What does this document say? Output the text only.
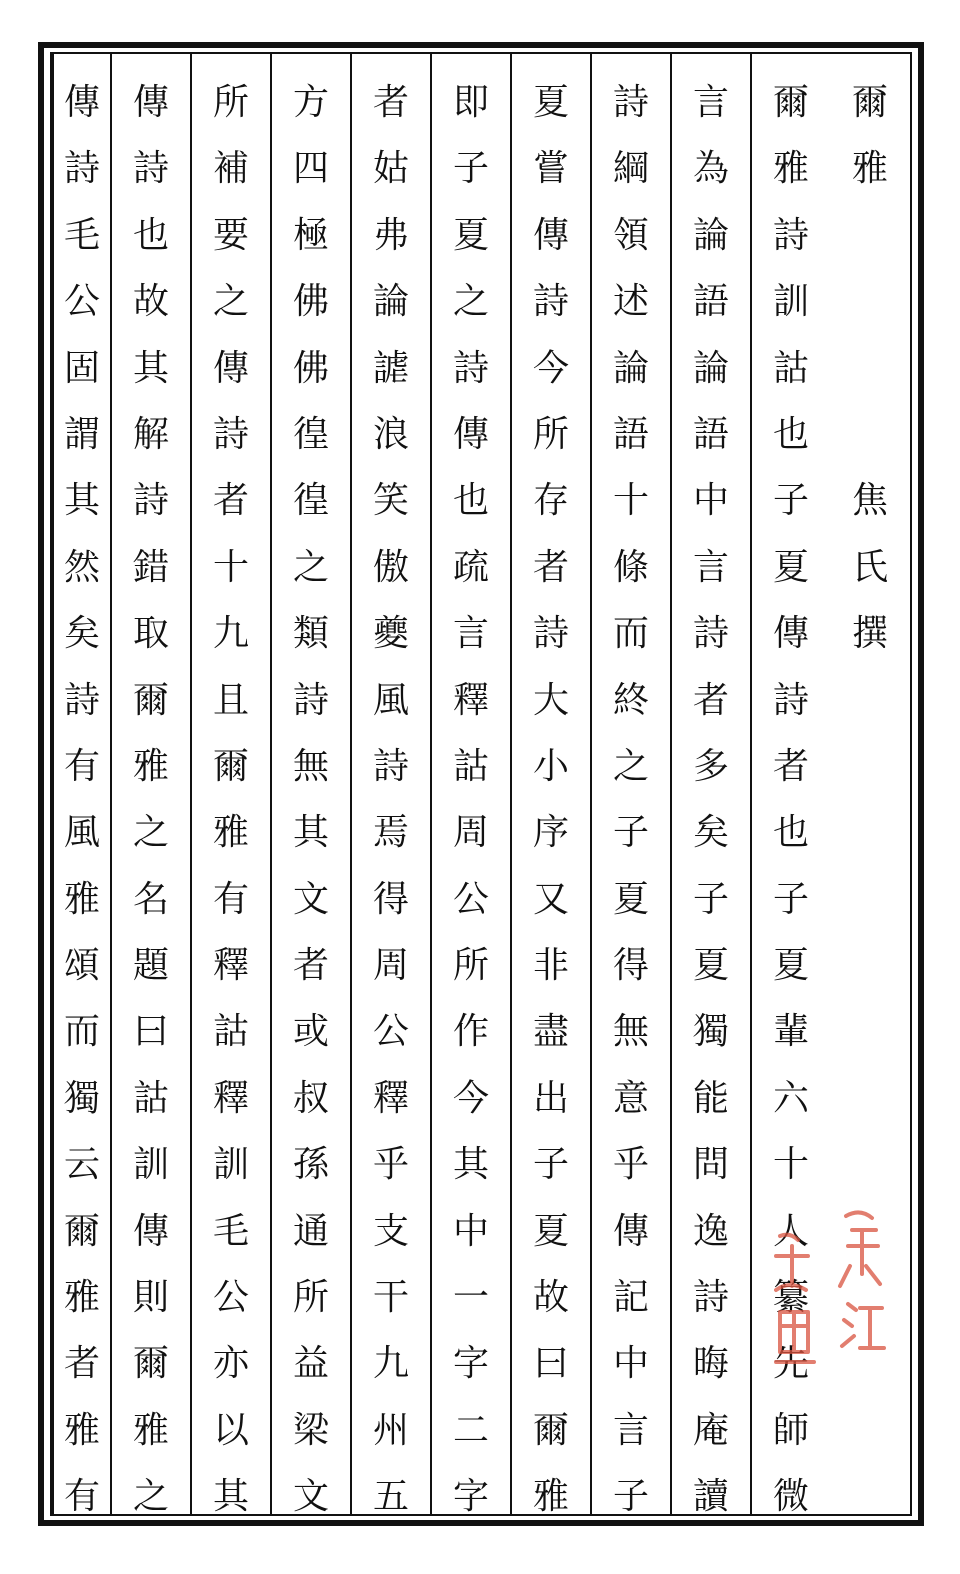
爾
雅
焦
氏
撰
爾
雅
詩
訓
詁
也
子
夏
傳
詩
者
也
子
夏
輩
六
十
人
纂
先
師
微
言
為
論
語
論
語
中
言
詩
者
多
矣
子
夏
獨
能
問
逸
詩
晦
庵
讀
詩
綱
領
述
論
語
十
條
而
終
之
子
夏
得
無
意
乎
傳
記
中
言
子
夏
嘗
傳
詩
今
所
存
者
詩
大
小
序
又
非
盡
出
子
夏
故
曰
爾
雅
即
子
夏
之
詩
傳
也
疏
言
釋
詁
周
公
所
作
今
其
中
一
字
二
字
者
姑
弗
論
謔
浪
笑
傲
夔
風
詩
焉
得
周
公
釋
乎
支
干
九
州
五
方
四
極
佛
佛
徨
徨
之
類
詩
無
其
文
者
或
叔
孫
通
所
益
梁
文
所
補
要
之
傳
詩
者
十
九
且
爾
雅
有
釋
詁
釋
訓
毛
公
亦
以
其
傳
詩
也
故
其
解
詩
錯
取
爾
雅
之
名
題
曰
詁
訓
傳
則
爾
雅
之
傳
詩
毛
公
固
謂
其
然
矣
詩
有
風
雅
頌
而
獨
云
爾
雅
者
雅
有
